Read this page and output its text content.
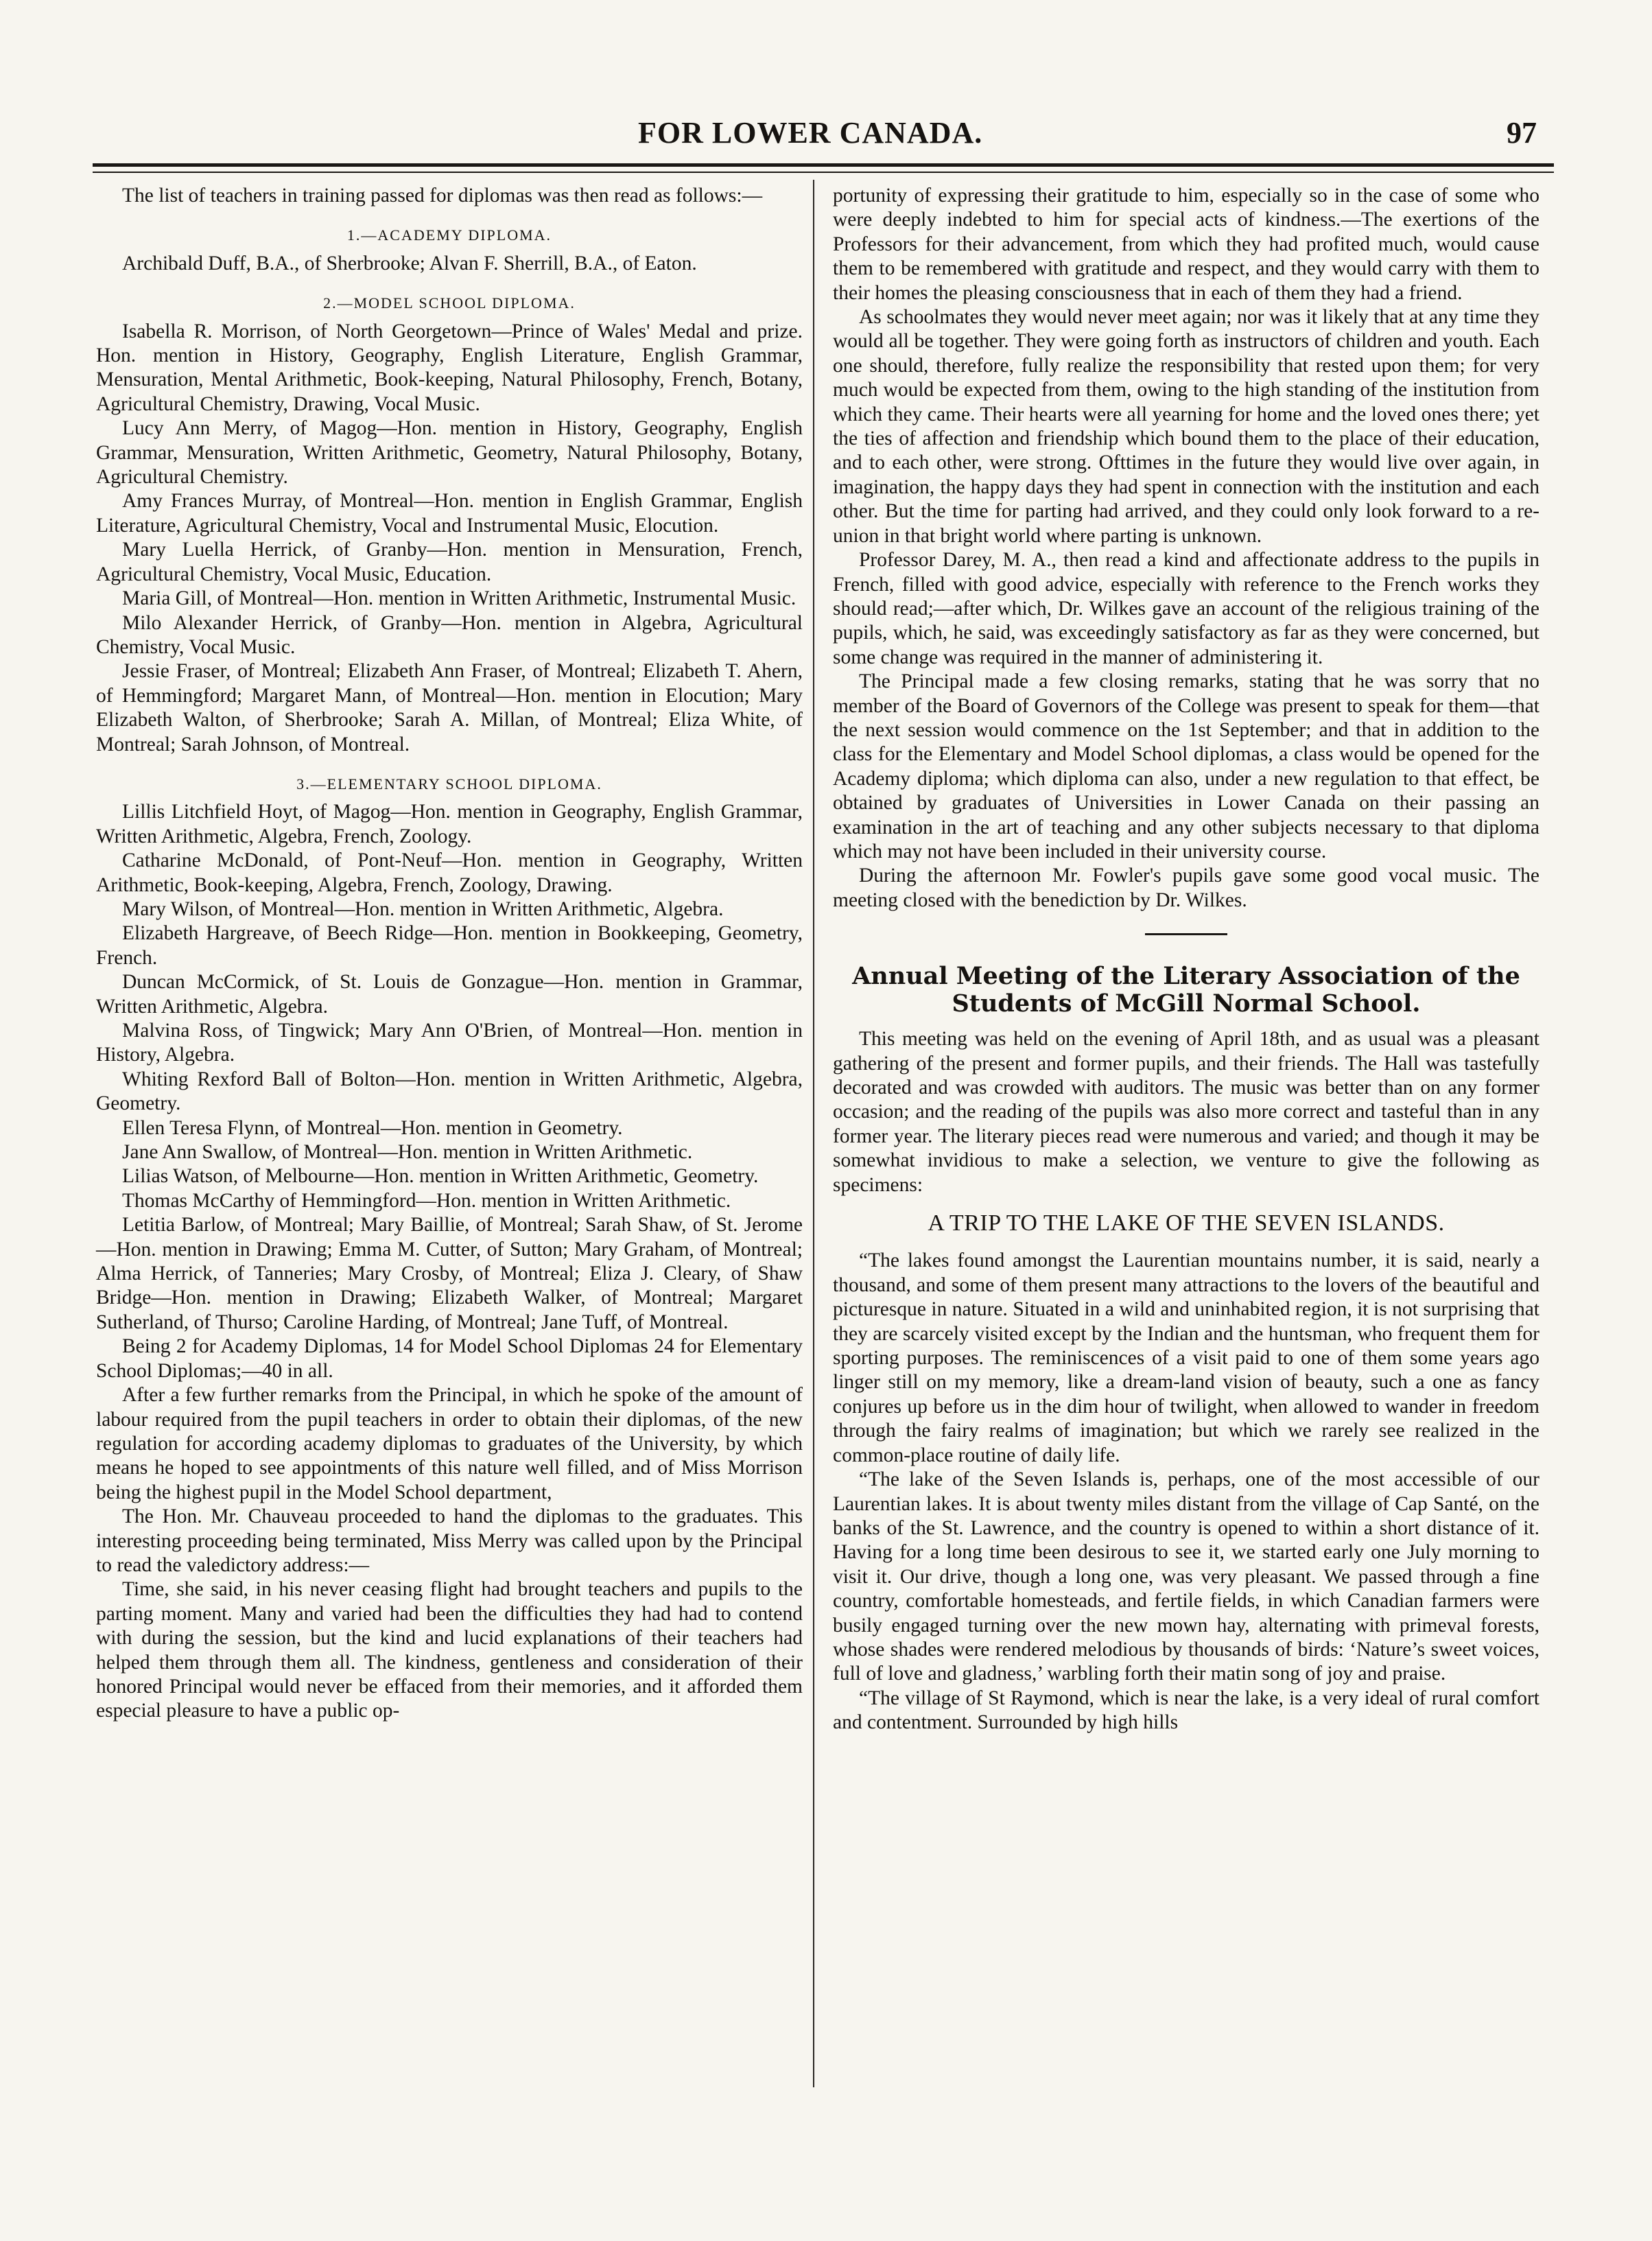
FOR LOWER CANADA.	97

The list of teachers in training passed for diplomas was then read as follows:—

1.—ACADEMY DIPLOMA.

Archibald Duff, B.A., of Sherbrooke; Alvan F. Sherrill, B.A., of Eaton.

2.—MODEL SCHOOL DIPLOMA.

Isabella R. Morrison, of North Georgetown—Prince of Wales' Medal and prize. Hon. mention in History, Geography, English Literature, English Grammar, Mensuration, Mental Arithmetic, Book-keeping, Natural Philosophy, French, Botany, Agricultural Chemistry, Drawing, Vocal Music.

Lucy Ann Merry, of Magog—Hon. mention in History, Geography, English Grammar, Mensuration, Written Arithmetic, Geometry, Natural Philosophy, Botany, Agricultural Chemistry.

Amy Frances Murray, of Montreal—Hon. mention in English Grammar, English Literature, Agricultural Chemistry, Vocal and Instrumental Music, Elocution.

Mary Luella Herrick, of Granby—Hon. mention in Mensuration, French, Agricultural Chemistry, Vocal Music, Education.

Maria Gill, of Montreal—Hon. mention in Written Arithmetic, Instrumental Music.

Milo Alexander Herrick, of Granby—Hon. mention in Algebra, Agricultural Chemistry, Vocal Music.

Jessie Fraser, of Montreal; Elizabeth Ann Fraser, of Montreal; Elizabeth T. Ahern, of Hemmingford; Margaret Mann, of Montreal—Hon. mention in Elocution; Mary Elizabeth Walton, of Sherbrooke; Sarah A. Millan, of Montreal; Eliza White, of Montreal; Sarah Johnson, of Montreal.

3.—ELEMENTARY SCHOOL DIPLOMA.

Lillis Litchfield Hoyt, of Magog—Hon. mention in Geography, English Grammar, Written Arithmetic, Algebra, French, Zoology.

Catharine McDonald, of Pont-Neuf—Hon. mention in Geography, Written Arithmetic, Book-keeping, Algebra, French, Zoology, Drawing.

Mary Wilson, of Montreal—Hon. mention in Written Arithmetic, Algebra.

Elizabeth Hargreave, of Beech Ridge—Hon. mention in Bookkeeping, Geometry, French.

Duncan McCormick, of St. Louis de Gonzague—Hon. mention in Grammar, Written Arithmetic, Algebra.

Malvina Ross, of Tingwick; Mary Ann O'Brien, of Montreal—Hon. mention in History, Algebra.

Whiting Rexford Ball of Bolton—Hon. mention in Written Arithmetic, Algebra, Geometry.

Ellen Teresa Flynn, of Montreal—Hon. mention in Geometry.

Jane Ann Swallow, of Montreal—Hon. mention in Written Arithmetic.

Lilias Watson, of Melbourne—Hon. mention in Written Arithmetic, Geometry.

Thomas McCarthy of Hemmingford—Hon. mention in Written Arithmetic.

Letitia Barlow, of Montreal; Mary Baillie, of Montreal; Sarah Shaw, of St. Jerome—Hon. mention in Drawing; Emma M. Cutter, of Sutton; Mary Graham, of Montreal; Alma Herrick, of Tanneries; Mary Crosby, of Montreal; Eliza J. Cleary, of Shaw Bridge—Hon. mention in Drawing; Elizabeth Walker, of Montreal; Margaret Sutherland, of Thurso; Caroline Harding, of Montreal; Jane Tuff, of Montreal.

Being 2 for Academy Diplomas, 14 for Model School Diplomas 24 for Elementary School Diplomas;—40 in all.

After a few further remarks from the Principal, in which he spoke of the amount of labour required from the pupil teachers in order to obtain their diplomas, of the new regulation for according academy diplomas to graduates of the University, by which means he hoped to see appointments of this nature well filled, and of Miss Morrison being the highest pupil in the Model School department,

The Hon. Mr. Chauveau proceeded to hand the diplomas to the graduates. This interesting proceeding being terminated, Miss Merry was called upon by the Principal to read the valedictory address:—

Time, she said, in his never ceasing flight had brought teachers and pupils to the parting moment. Many and varied had been the difficulties they had had to contend with during the session, but the kind and lucid explanations of their teachers had helped them through them all. The kindness, gentleness and consideration of their honored Principal would never be effaced from their memories, and it afforded them especial pleasure to have a public op-

portunity of expressing their gratitude to him, especially so in the case of some who were deeply indebted to him for special acts of kindness.—The exertions of the Professors for their advancement, from which they had profited much, would cause them to be remembered with gratitude and respect, and they would carry with them to their homes the pleasing consciousness that in each of them they had a friend.

As schoolmates they would never meet again; nor was it likely that at any time they would all be together. They were going forth as instructors of children and youth. Each one should, therefore, fully realize the responsibility that rested upon them; for very much would be expected from them, owing to the high standing of the institution from which they came. Their hearts were all yearning for home and the loved ones there; yet the ties of affection and friendship which bound them to the place of their education, and to each other, were strong. Ofttimes in the future they would live over again, in imagination, the happy days they had spent in connection with the institution and each other. But the time for parting had arrived, and they could only look forward to a re-union in that bright world where parting is unknown.

Professor Darey, M. A., then read a kind and affectionate address to the pupils in French, filled with good advice, especially with reference to the French works they should read;—after which, Dr. Wilkes gave an account of the religious training of the pupils, which, he said, was exceedingly satisfactory as far as they were concerned, but some change was required in the manner of administering it.

The Principal made a few closing remarks, stating that he was sorry that no member of the Board of Governors of the College was present to speak for them—that the next session would commence on the 1st September; and that in addition to the class for the Elementary and Model School diplomas, a class would be opened for the Academy diploma; which diploma can also, under a new regulation to that effect, be obtained by graduates of Universities in Lower Canada on their passing an examination in the art of teaching and any other subjects necessary to that diploma which may not have been included in their university course.

During the afternoon Mr. Fowler's pupils gave some good vocal music. The meeting closed with the benediction by Dr. Wilkes.

Annual Meeting of the Literary Association of the Students of McGill Normal School.

This meeting was held on the evening of April 18th, and as usual was a pleasant gathering of the present and former pupils, and their friends. The Hall was tastefully decorated and was crowded with auditors. The music was better than on any former occasion; and the reading of the pupils was also more correct and tasteful than in any former year. The literary pieces read were numerous and varied; and though it may be somewhat invidious to make a selection, we venture to give the following as specimens:

A TRIP TO THE LAKE OF THE SEVEN ISLANDS.

“The lakes found amongst the Laurentian mountains number, it is said, nearly a thousand, and some of them present many attractions to the lovers of the beautiful and picturesque in nature. Situated in a wild and uninhabited region, it is not surprising that they are scarcely visited except by the Indian and the huntsman, who frequent them for sporting purposes. The reminiscences of a visit paid to one of them some years ago linger still on my memory, like a dream-land vision of beauty, such a one as fancy conjures up before us in the dim hour of twilight, when allowed to wander in freedom through the fairy realms of imagination; but which we rarely see realized in the common-place routine of daily life.

“The lake of the Seven Islands is, perhaps, one of the most accessible of our Laurentian lakes. It is about twenty miles distant from the village of Cap Santé, on the banks of the St. Lawrence, and the country is opened to within a short distance of it. Having for a long time been desirous to see it, we started early one July morning to visit it. Our drive, though a long one, was very pleasant. We passed through a fine country, comfortable homesteads, and fertile fields, in which Canadian farmers were busily engaged turning over the new mown hay, alternating with primeval forests, whose shades were rendered melodious by thousands of birds: ‘Nature’s sweet voices, full of love and gladness,’ warbling forth their matin song of joy and praise.

“The village of St Raymond, which is near the lake, is a very ideal of rural comfort and contentment. Surrounded by high hills
